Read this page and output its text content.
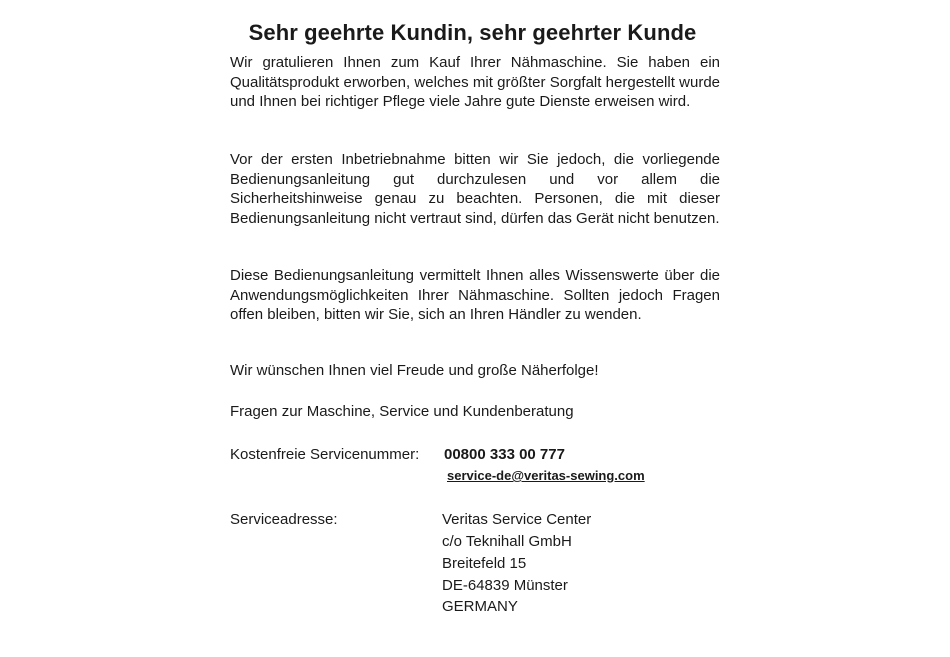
Sehr geehrte Kundin, sehr geehrter Kunde

Wir gratulieren Ihnen zum Kauf Ihrer Nähmaschine. Sie haben ein Qualitätsprodukt erworben, welches mit größter Sorgfalt hergestellt wurde und Ihnen bei richtiger Pflege viele Jahre gute Dienste erweisen wird.

Vor der ersten Inbetriebnahme bitten wir Sie jedoch, die vorliegende Bedienungsanleitung gut durchzulesen und vor allem die Sicherheitshinweise genau zu beachten. Personen, die mit dieser Bedienungsanleitung nicht vertraut sind, dürfen das Gerät nicht benutzen.

Diese Bedienungsanleitung vermittelt Ihnen alles Wissenswerte über die Anwendungsmöglichkeiten Ihrer Nähmaschine. Sollten jedoch Fragen offen bleiben, bitten wir Sie, sich an Ihren Händler zu wenden.

Wir wünschen Ihnen viel Freude und große Näherfolge!

Fragen zur Maschine, Service und Kundenberatung

Kostenfreie Servicenummer: 00800 333 00 777
service-de@veritas-sewing.com

Serviceadresse:	Veritas Service Center

c/o Teknihall GmbH

Breitefeld 15

DE-64839 Münster

GERMANY
